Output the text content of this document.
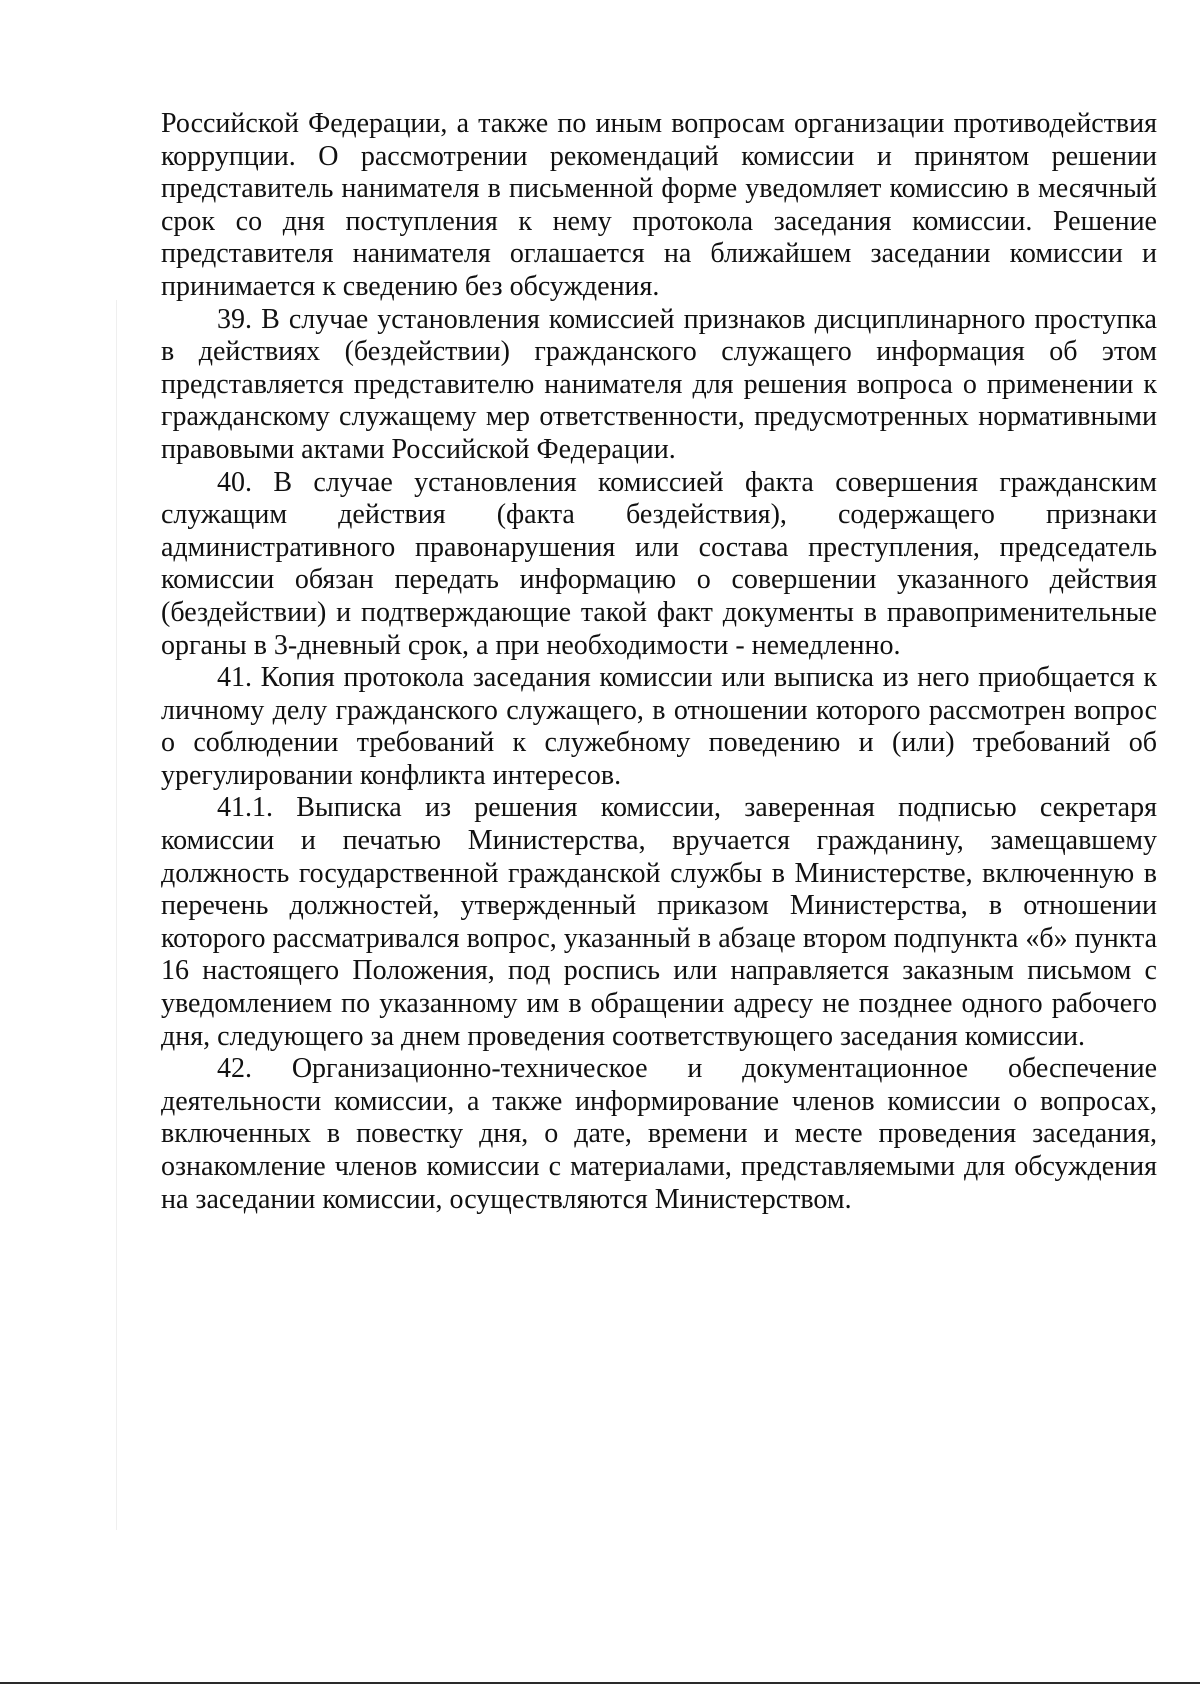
Российской Федерации, а также по иным вопросам организации противодействия коррупции. О рассмотрении рекомендаций комиссии и принятом решении представитель нанимателя в письменной форме уведомляет комиссию в месячный срок со дня поступления к нему протокола заседания комиссии. Решение представителя нанимателя оглашается на ближайшем заседании комиссии и принимается к сведению без обсуждения.

39. В случае установления комиссией признаков дисциплинарного проступка в действиях (бездействии) гражданского служащего информация об этом представляется представителю нанимателя для решения вопроса о применении к гражданскому служащему мер ответственности, предусмотренных нормативными правовыми актами Российской Федерации.

40. В случае установления комиссией факта совершения гражданским служащим действия (факта бездействия), содержащего признаки административного правонарушения или состава преступления, председатель комиссии обязан передать информацию о совершении указанного действия (бездействии) и подтверждающие такой факт документы в правоприменительные органы в 3-дневный срок, а при необходимости - немедленно.

41. Копия протокола заседания комиссии или выписка из него приобщается к личному делу гражданского служащего, в отношении которого рассмотрен вопрос о соблюдении требований к служебному поведению и (или) требований об урегулировании конфликта интересов.

41.1. Выписка из решения комиссии, заверенная подписью секретаря комиссии и печатью Министерства, вручается гражданину, замещавшему должность государственной гражданской службы в Министерстве, включенную в перечень должностей, утвержденный приказом Министерства, в отношении которого рассматривался вопрос, указанный в абзаце втором подпункта «б» пункта 16 настоящего Положения, под роспись или направляется заказным письмом с уведомлением по указанному им в обращении адресу не позднее одного рабочего дня, следующего за днем проведения соответствующего заседания комиссии.

42. Организационно-техническое и документационное обеспечение деятельности комиссии, а также информирование членов комиссии о вопросах, включенных в повестку дня, о дате, времени и месте проведения заседания, ознакомление членов комиссии с материалами, представляемыми для обсуждения на заседании комиссии, осуществляются Министерством.
